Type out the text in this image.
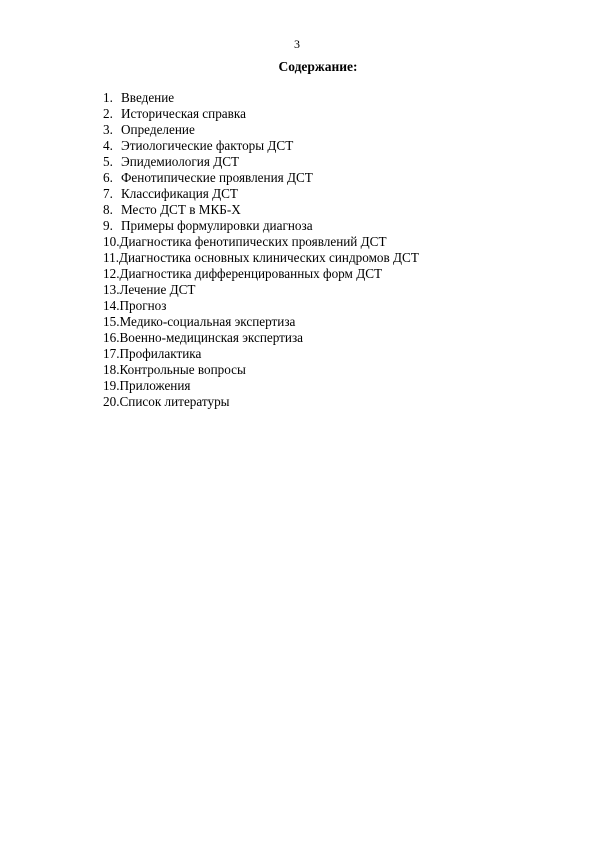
3
Содержание:
1. Введение
2. Историческая справка
3. Определение
4. Этиологические факторы ДСТ
5. Эпидемиология ДСТ
6. Фенотипические проявления ДСТ
7. Классификация ДСТ
8. Место ДСТ в МКБ-Х
9. Примеры формулировки диагноза
10. Диагностика фенотипических проявлений ДСТ
11. Диагностика основных клинических синдромов ДСТ
12. Диагностика дифференцированных форм ДСТ
13. Лечение ДСТ
14. Прогноз
15. Медико-социальная экспертиза
16. Военно-медицинская экспертиза
17. Профилактика
18. Контрольные вопросы
19. Приложения
20. Список литературы
